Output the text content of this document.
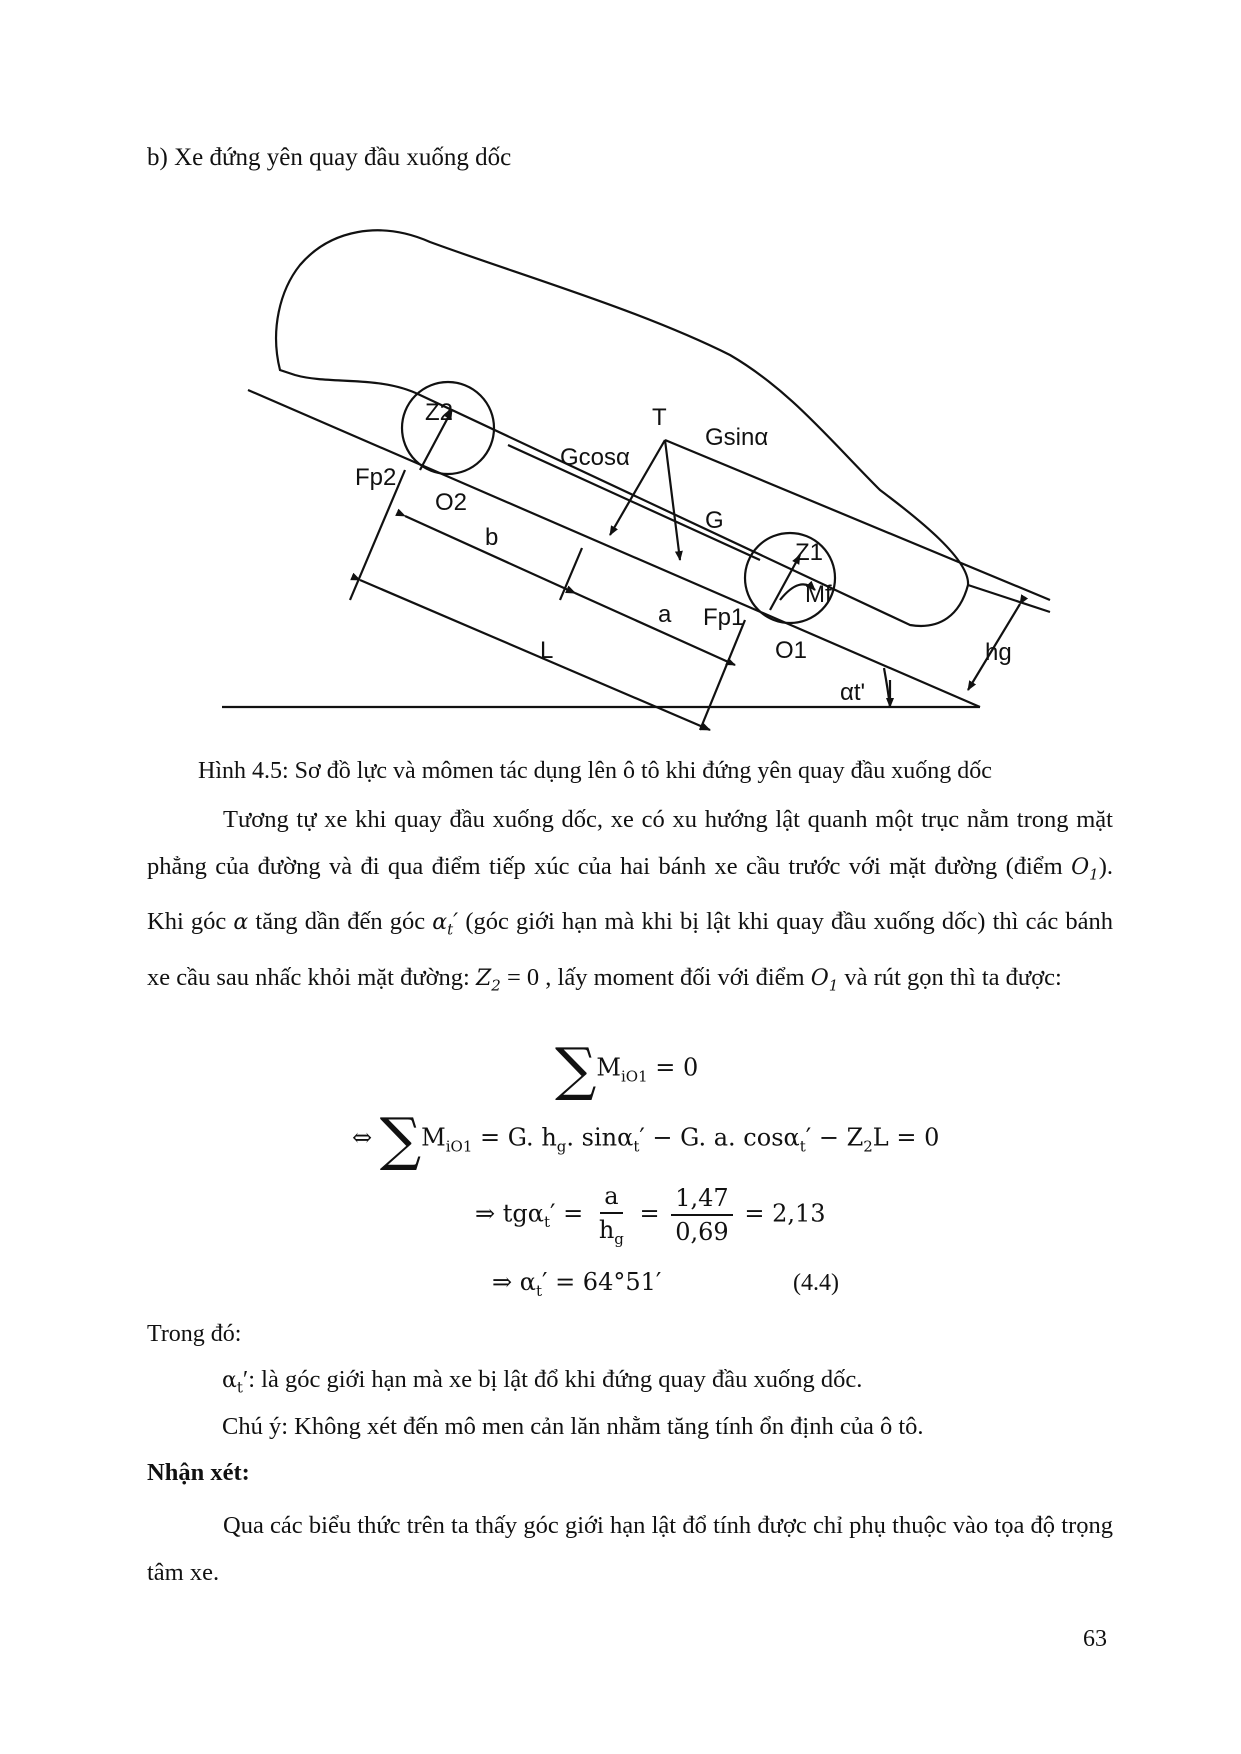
b) Xe đứng yên quay đầu xuống dốc
Z2	T
Gsinα
Gcosα
Fp2
O2
G
b
Z1
Mf
a Fp1
L	O1	hg
αt'
Hình 4.5: Sơ đồ lực và mômen tác dụng lên ô tô khi đứng yên quay đầu xuống dốc
Tương tự xe khi quay đầu xuống dốc, xe có xu hướng lật quanh một trục nằm trong mặt phẳng của đường và đi qua điểm tiếp xúc của hai bánh xe cầu trước với mặt đường (điểm $O_1$). Khi góc α tăng dần đến góc $\alpha_t'$ (góc giới hạn mà khi bị lật khi quay đầu xuống dốc) thì các bánh xe cầu sau nhấc khỏi mặt đường: $Z_2 = 0$ , lấy moment đối với điểm $O_1$ và rút gọn thì ta được:
$\sum M_{iO1} = 0$
⇔ $\sum M_{iO1} = G$. $h_g$. sinα$_t$′ − G. a. $\cos\alpha_t' - Z_2L = 0$
⇒ $tg\alpha_t' = \frac{a}{h_g} = \frac{1,47}{0,69} = 2,13$
⇒ $\alpha_t' = 64^\circ 51'$	(4.4)
Trong đó:
$\alpha_t'$: là góc giới hạn mà xe bị lật đổ khi đứng quay đầu xuống dốc.
Chú ý: Không xét đến mô men cản lăn nhằm tăng tính ổn định của ô tô.
Nhận xét:
Qua các biểu thức trên ta thấy góc giới hạn lật đổ tính được chỉ phụ thuộc vào tọa độ trọng tâm xe.
63
